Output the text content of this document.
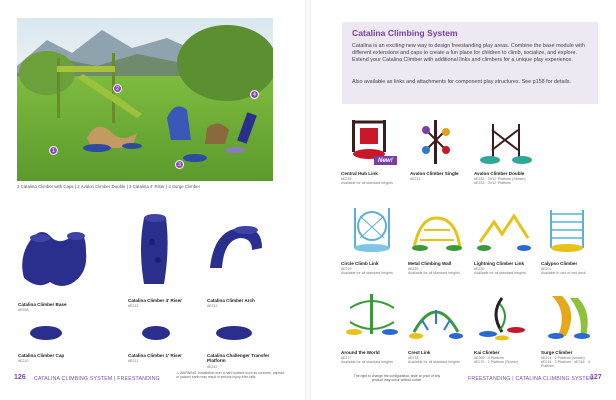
1
2
3
4
1 Catalina Climber with Caps | 2 Avalon Climber Double | 3 Catalina 4' Riser | 4 Surge Climber
Catalina Climber Base
#E258
Catalina Climber 4' Riser
#E212
Catalina Climber Arch
#E212
Catalina Climber Cap
#E210
Catalina Climber 1' Riser
#E211
Catalina Challenger Transfer Platform
#E242
⚠ WARNING: Installation over a hard surface such as concrete, asphalt, or packed earth may result in serious injury from falls.
126 CATALINA CLIMBING SYSTEM | FREESTANDING
Catalina Climbing System

Catalina is an exciting new way to design freestanding play areas. Combine the base module with different extensions and caps to create a fun place for children to climb, socialize, and explore. Extend your Catalina Climber with additional links and climbers for a unique play experience.

Also available as links and attachments for component play structures. See p158 for details.

New!
Central Hub Link
#E239
Available for all standard heights
Avalon Climber Single
#E231
Avalon Climber Double
#E232 · 3'x12' Platform (Shown)
#E233 · 3'x12' Platform
Circle Climb Link
#E219
Available for all standard heights
Metal Climbing Wall
#E229
Available for all standard heights
Lightning Climber Link
#E230
Available for all standard heights
Calypso Climber
#E221
Available in one or two deck
Around the World
#E277
Available for all standard heights
Crest Link
#E278
Available for all standard heights
Kai Climber
#E269 · 3 Platform
#E270 · 2 Platform (Shown)
Surge Climber
#E214 · 2 Platform (shown)
#E215 · 3 Platform · #E216 · 4 Platform
The right to change the configuration, style or price of any product may occur without notice.	FREESTANDING | CATALINA CLIMBING SYSTEM
127
